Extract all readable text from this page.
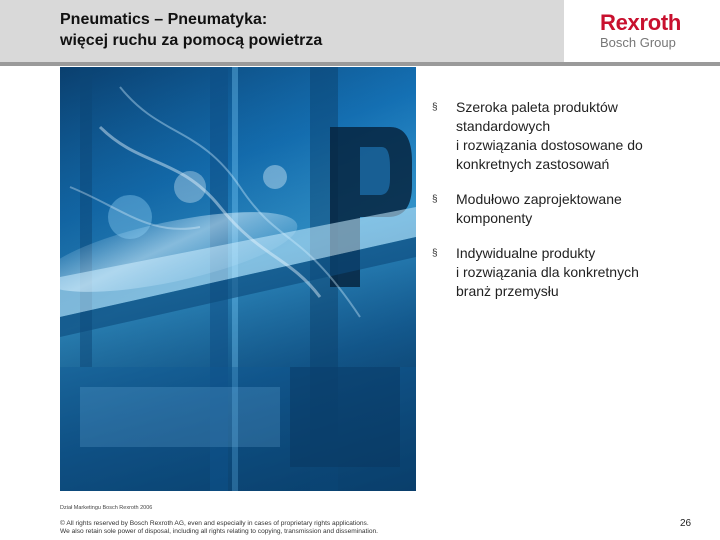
Pneumatics – Pneumatyka:
więcej ruchu za pomocą powietrza
Rexroth
Bosch Group
§ Szeroka paleta produktów
standardowych
i rozwiązania dostosowane do
konkretnych zastosowań
§ Modułowo zaprojektowane
komponenty
§ Indywidualne produkty
i rozwiązania dla konkretnych
branż przemysłu
Dział Marketingu Bosch Rexroth 2006
© All rights reserved by Bosch Rexroth AG, even and especially in cases of proprietary rights applications.
We also retain sole power of disposal, including all rights relating to copying, transmission and dissemination.
26
